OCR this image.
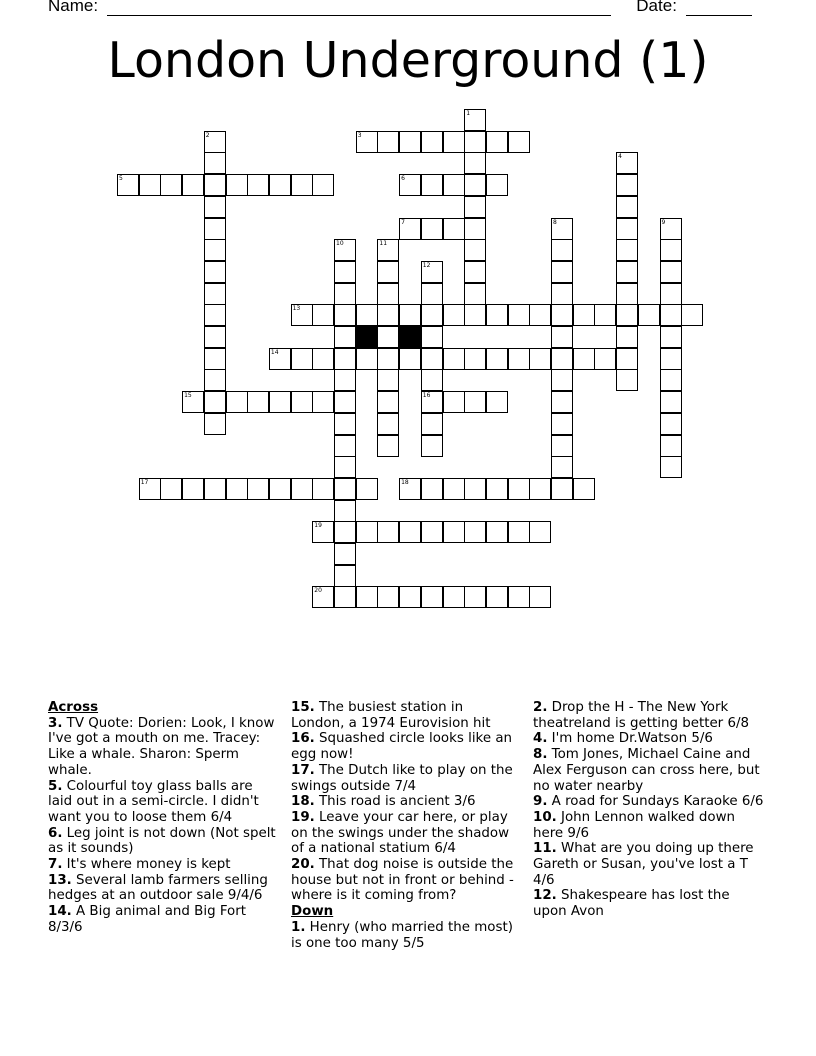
Name:	Date:
London Underground (1)
1
2	3
4
5	6
7	8	9
10	11
12
16
13
14
15
17	18
19
20
Across
3. TV Quote: Dorien: Look, I know I've got a mouth on me. Tracey: Like a whale. Sharon: Sperm whale.
5. Colourful toy glass balls are laid out in a semi-circle. I didn't want you to loose them 6/4
6. Leg joint is not down (Not spelt as it sounds)
7. It's where money is kept
13. Several lamb farmers selling hedges at an outdoor sale 9/4/6
14. A Big animal and Big Fort 8/3/6
15. The busiest station in London, a 1974 Eurovision hit
16. Squashed circle looks like an egg now!
17. The Dutch like to play on the swings outside 7/4
18. This road is ancient 3/6
19. Leave your car here, or play on the swings under the shadow of a national statium 6/4
20. That dog noise is outside the house but not in front or behind - where is it coming from?
Down
1. Henry (who married the most) is one too many 5/5
2. Drop the H - The New York theatreland is getting better 6/8
4. I'm home Dr.Watson 5/6
8. Tom Jones, Michael Caine and Alex Ferguson can cross here, but no water nearby
9. A road for Sundays Karaoke 6/6
10. John Lennon walked down here 9/6
11. What are you doing up there Gareth or Susan, you've lost a T 4/6
12. Shakespeare has lost the upon Avon
